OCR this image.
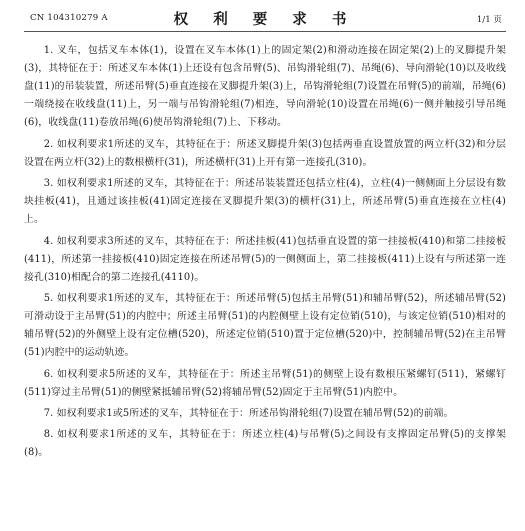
CN 104310279 A	权 利 要 求 书	1/1 页

1. 叉车，包括叉车本体(1)，设置在叉车本体(1)上的固定架(2)和滑动连接在固定架(2)上的叉脚提升架(3)，其特征在于：所述叉车本体(1)上还设有包含吊臂(5)、吊钩滑轮组(7)、吊绳(6)、导向滑轮(10)以及收线盘(11)的吊装装置，所述吊臂(5)垂直连接在叉脚提升架(3)上，吊钩滑轮组(7)设置在吊臂(5)的前端，吊绳(6)一端绕接在收线盘(11)上，另一端与吊钩滑轮组(7)相连，导向滑轮(10)设置在吊绳(6)一侧并触接引导吊绳(6)，收线盘(11)卷放吊绳(6)使吊钩滑轮组(7)上、下移动。

2. 如权利要求1所述的叉车，其特征在于：所述叉脚提升架(3)包括两垂直设置放置的两立杆(32)和分层设置在两立杆(32)上的数根横杆(31)，所述横杆(31)上开有第一连接孔(310)。

3. 如权利要求1所述的叉车，其特征在于：所述吊装装置还包括立柱(4)，立柱(4)一侧侧面上分层设有数块挂板(41)，且通过该挂板(41)固定连接在叉脚提升架(3)的横杆(31)上，所述吊臂(5)垂直连接在立柱(4)上。

4. 如权利要求3所述的叉车，其特征在于：所述挂板(41)包括垂直设置的第一挂接板(410)和第二挂接板(411)，所述第一挂接板(410)固定连接在所述吊臂(5)的一侧侧面上，第二挂接板(411)上设有与所述第一连接孔(310)相配合的第二连接孔(4110)。

5. 如权利要求1所述的叉车，其特征在于：所述吊臂(5)包括主吊臂(51)和辅吊臂(52)，所述辅吊臂(52)可滑动设于主吊臂(51)的内腔中；所述主吊臂(51)的内腔侧壁上设有定位销(510)，与该定位销(510)相对的辅吊臂(52)的外侧壁上设有定位槽(520)，所述定位销(510)置于定位槽(520)中，控制辅吊臂(52)在主吊臂(51)内腔中的运动轨迹。

6. 如权利要求5所述的叉车，其特征在于：所述主吊臂(51)的侧壁上设有数根压紧螺钉(511)，紧螺钉(511)穿过主吊臂(51)的侧壁紧抵辅吊臂(52)将辅吊臂(52)固定于主吊臂(51)内腔中。

7. 如权利要求1或5所述的叉车，其特征在于：所述吊钩滑轮组(7)设置在辅吊臂(52)的前端。

8. 如权利要求1所述的叉车，其特征在于：所述立柱(4)与吊臂(5)之间设有支撑固定吊臂(5)的支撑架(8)。
